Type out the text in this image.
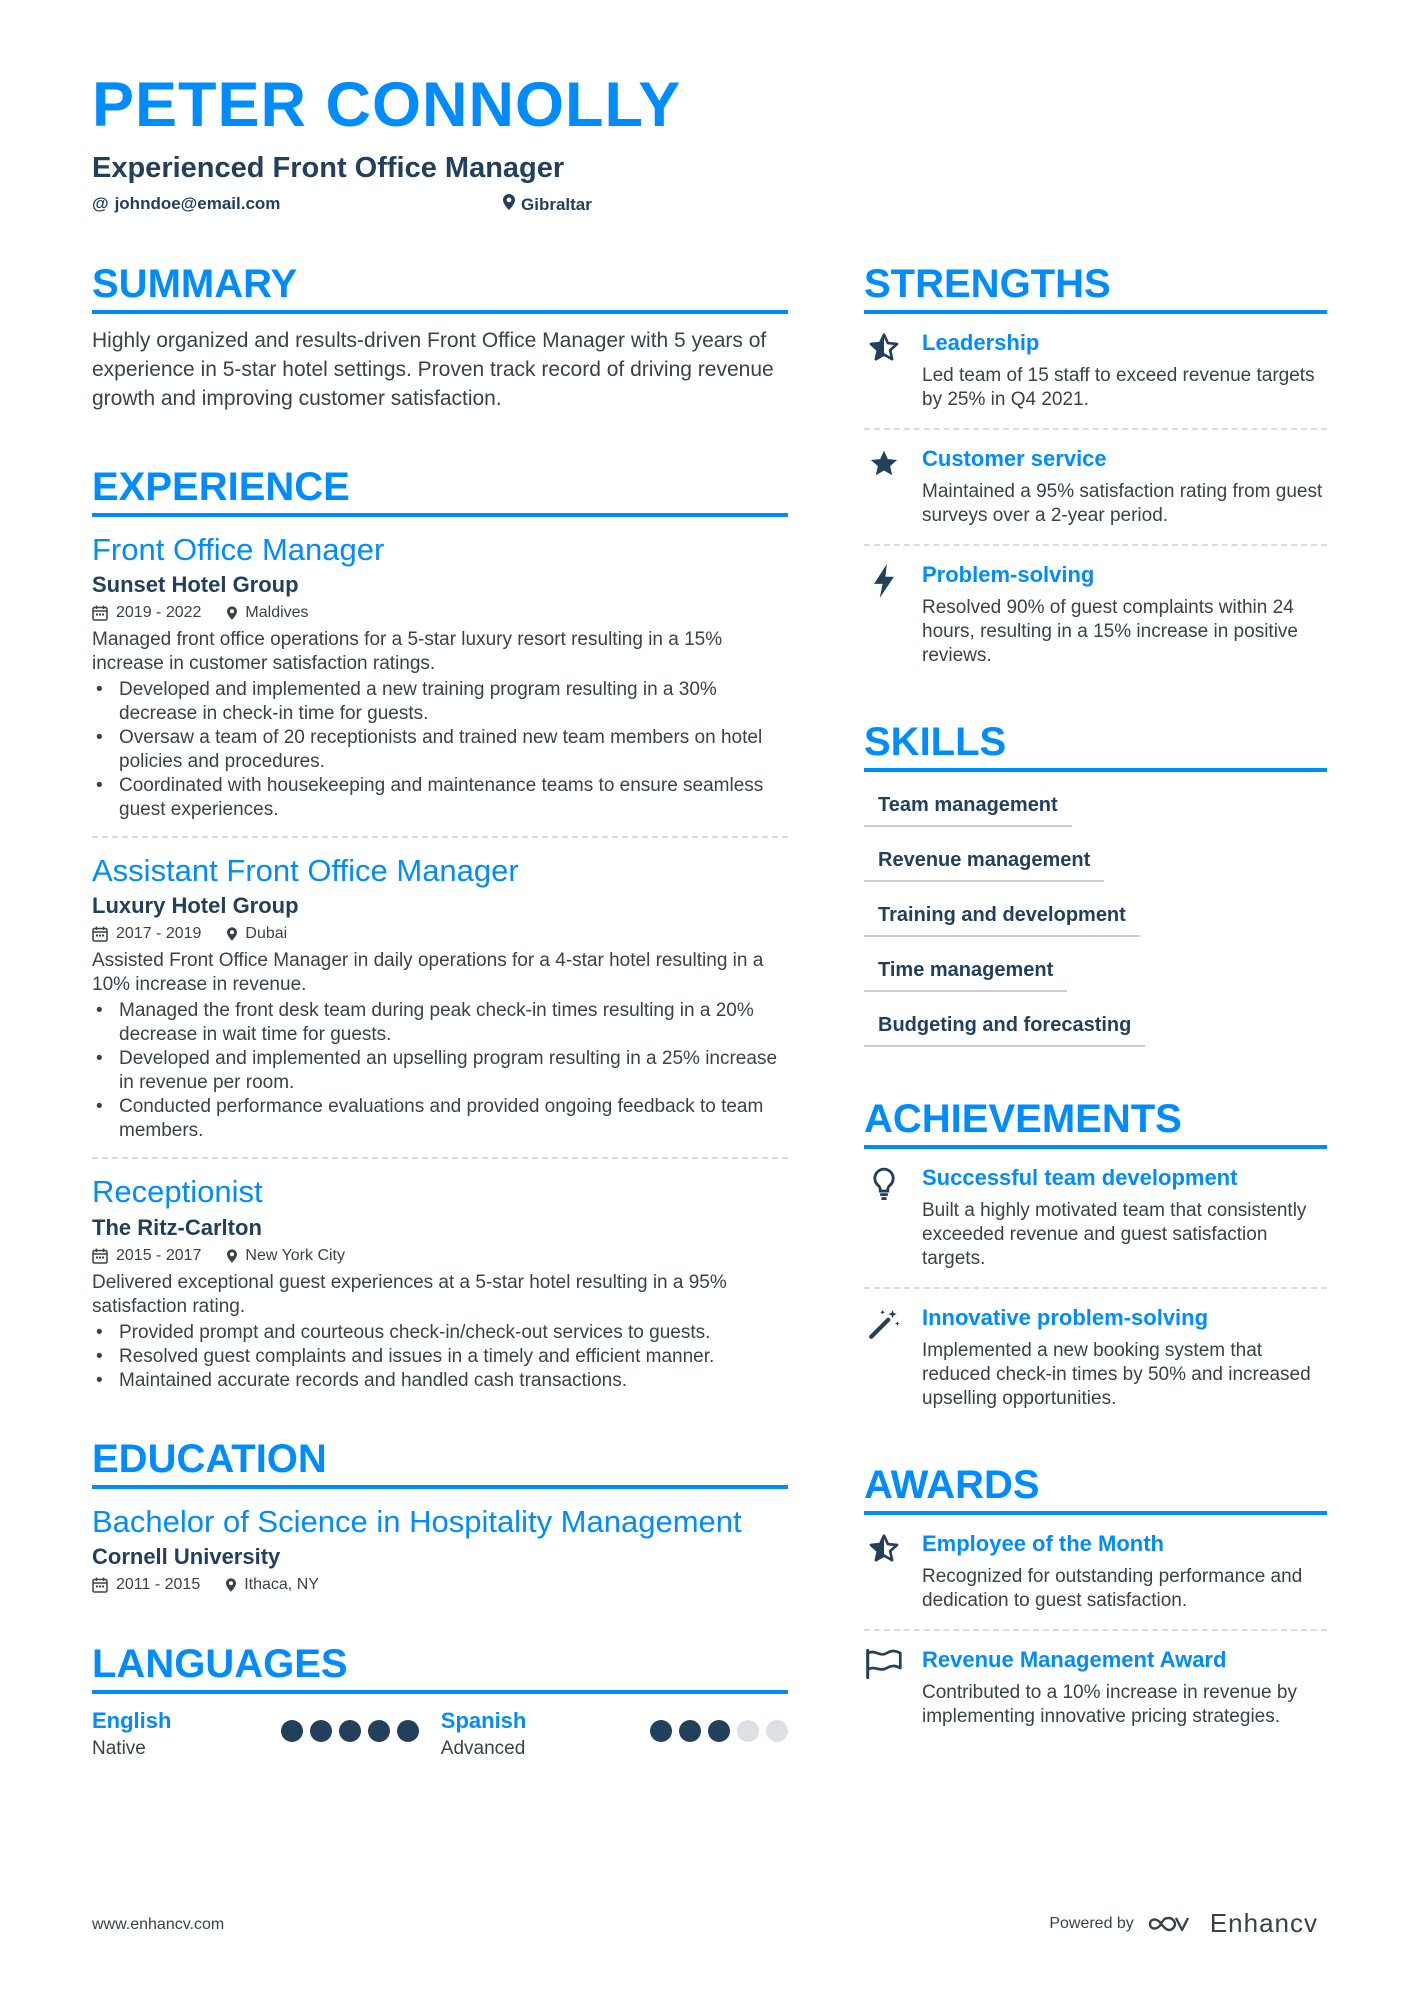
PETER CONNOLLY
Experienced Front Office Manager
@ johndoe@email.com	Gibraltar
SUMMARY
Highly organized and results-driven Front Office Manager with 5 years of experience in 5-star hotel settings. Proven track record of driving revenue growth and improving customer satisfaction.
EXPERIENCE
Front Office Manager
Sunset Hotel Group
2019 - 2022	Maldives
Managed front office operations for a 5-star luxury resort resulting in a 15% increase in customer satisfaction ratings.
• Developed and implemented a new training program resulting in a 30% decrease in check-in time for guests.
• Oversaw a team of 20 receptionists and trained new team members on hotel policies and procedures.
• Coordinated with housekeeping and maintenance teams to ensure seamless guest experiences.
Assistant Front Office Manager
Luxury Hotel Group
2017 - 2019	Dubai
Assisted Front Office Manager in daily operations for a 4-star hotel resulting in a 10% increase in revenue.
• Managed the front desk team during peak check-in times resulting in a 20% decrease in wait time for guests.
• Developed and implemented an upselling program resulting in a 25% increase in revenue per room.
• Conducted performance evaluations and provided ongoing feedback to team members.
Receptionist
The Ritz-Carlton
2015 - 2017	New York City
Delivered exceptional guest experiences at a 5-star hotel resulting in a 95% satisfaction rating.
• Provided prompt and courteous check-in/check-out services to guests.
• Resolved guest complaints and issues in a timely and efficient manner.
• Maintained accurate records and handled cash transactions.
EDUCATION
Bachelor of Science in Hospitality Management
Cornell University
2011 - 2015	Ithaca, NY
LANGUAGES
English
Native
Spanish
Advanced
STRENGTHS
Leadership
Led team of 15 staff to exceed revenue targets by 25% in Q4 2021.
Customer service
Maintained a 95% satisfaction rating from guest surveys over a 2-year period.
Problem-solving
Resolved 90% of guest complaints within 24 hours, resulting in a 15% increase in positive reviews.
SKILLS
Team management
Revenue management
Training and development
Time management
Budgeting and forecasting
ACHIEVEMENTS
Successful team development
Built a highly motivated team that consistently exceeded revenue and guest satisfaction targets.
Innovative problem-solving
Implemented a new booking system that reduced check-in times by 50% and increased upselling opportunities.
AWARDS
Employee of the Month
Recognized for outstanding performance and dedication to guest satisfaction.
Revenue Management Award
Contributed to a 10% increase in revenue by implementing innovative pricing strategies.
www.enhancv.com	Powered by	Enhancv
